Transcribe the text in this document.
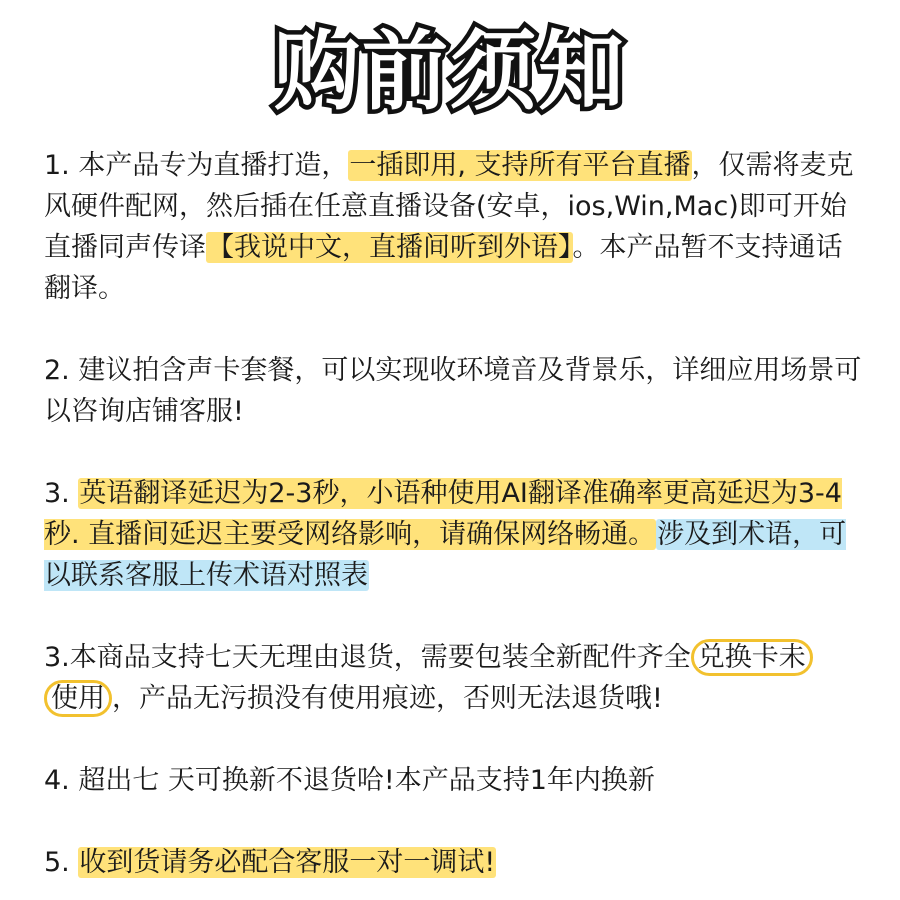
购前须知
1. 本产品专为直播打造，一插即用, 支持所有平台直播，仅需将麦克风硬件配网，然后插在任意直播设备(安卓，ios,Win,Mac)即可开始直播同声传译【我说中文，直播间听到外语】。本产品暂不支持通话翻译。
2. 建议拍含声卡套餐，可以实现收环境音及背景乐，详细应用场景可以咨询店铺客服!
3. 英语翻译延迟为2-3秒，小语种使用AI翻译准确率更高延迟为3-4秒. 直播间延迟主要受网络影响，请确保网络畅通。涉及到术语，可以联系客服上传术语对照表
3.本商品支持七天无理由退货，需要包装全新配件齐全 兑换卡未
使用 ，产品无污损没有使用痕迹，否则无法退货哦!
4. 超出七 天可换新不退货哈!本产品支持1年内换新
5. 收到货请务必配合客服一对一调试!
